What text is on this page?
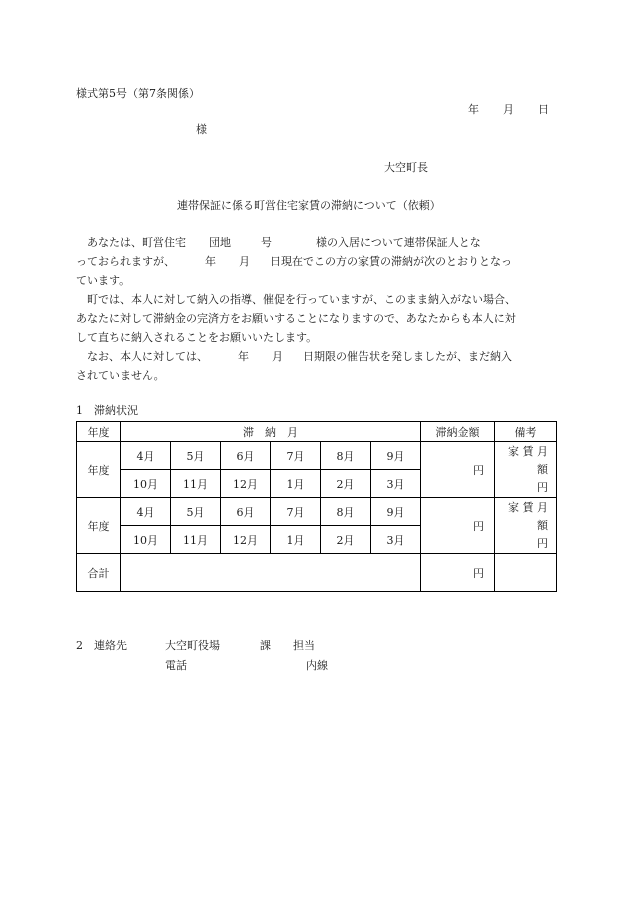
様式第5号（第7条関係）
年 月 日
様
大空町長
連帯保証に係る町営住宅家賃の滞納について（依頼）
あなたは、町営住宅 団地	号	様の入居について連帯保証人とな
っておられますが、	年 月 日現在でこの方の家賃の滞納が次のとおりとなっ
ています。
町では、本人に対して納入の指導、催促を行っていますが、このまま納入がない場合、
あなたに対して滞納金の完済方をお願いすることになりますので、あなたからも本人に対
して直ちに納入されることをお願いいたします。
なお、本人に対しては、	年 月 日期限の催告状を発しましたが、まだ納入
されていません。
1　滞納状況
年度	滞　納　月						滞納金額	備考
年度	4月	5月	6月	7月	8月	9月	円	家 賃 月 額
円

	10月	11月	12月	1月	2月	3月		
年度	4月	5月	6月	7月	8月	9月	円	家 賃 月 額
円

	10月	11月	12月	1月	2月	3月		
合計							円	
2　連絡先	大空町役場	課 担当
電話	内線
